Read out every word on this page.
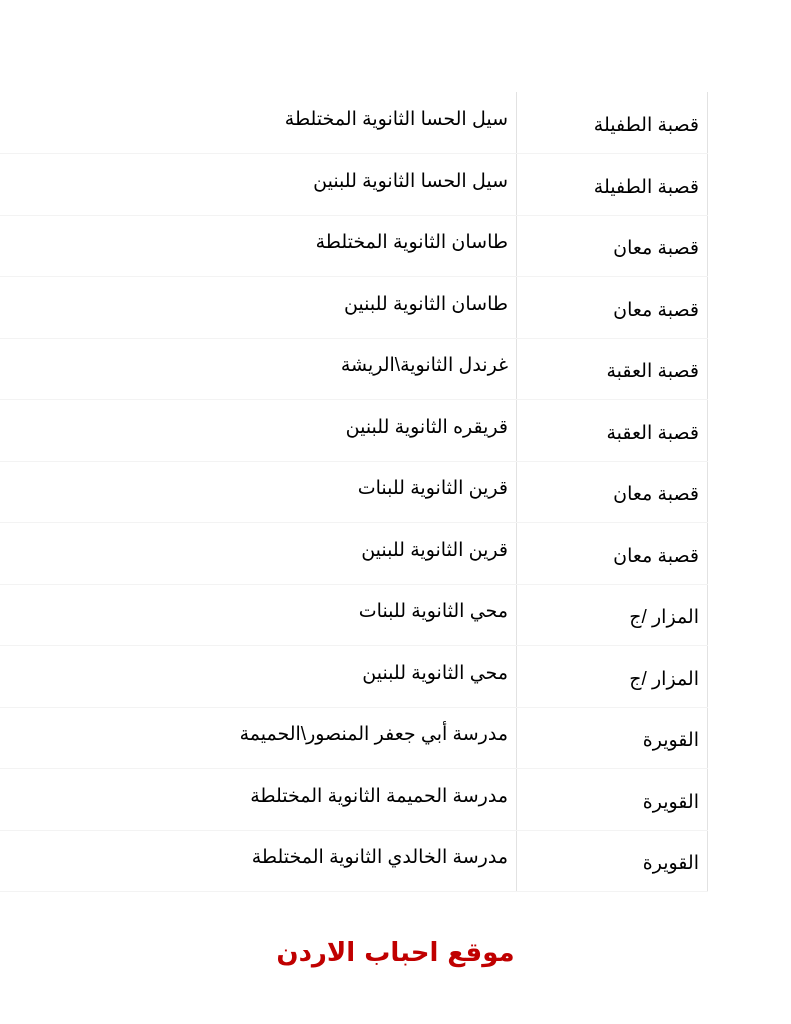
قصبة الطفيلة	سيل الحسا الثانوية المختلطة
قصبة الطفيلة	سيل الحسا الثانوية للبنين
قصبة معان	طاسان الثانوية المختلطة
قصبة معان	طاسان الثانوية للبنين
قصبة العقبة	غرندل الثانوية\الريشة
قصبة العقبة	قريقره الثانوية للبنين
قصبة معان	قرين الثانوية للبنات
قصبة معان	قرين الثانوية للبنين
المزار /ج	محي الثانوية للبنات
المزار /ج	محي الثانوية للبنين
القويرة	مدرسة أبي جعفر المنصور\الحميمة
القويرة	مدرسة الحميمة الثانوية المختلطة
القويرة	مدرسة الخالدي الثانوية المختلطة
موقع احباب الاردن
